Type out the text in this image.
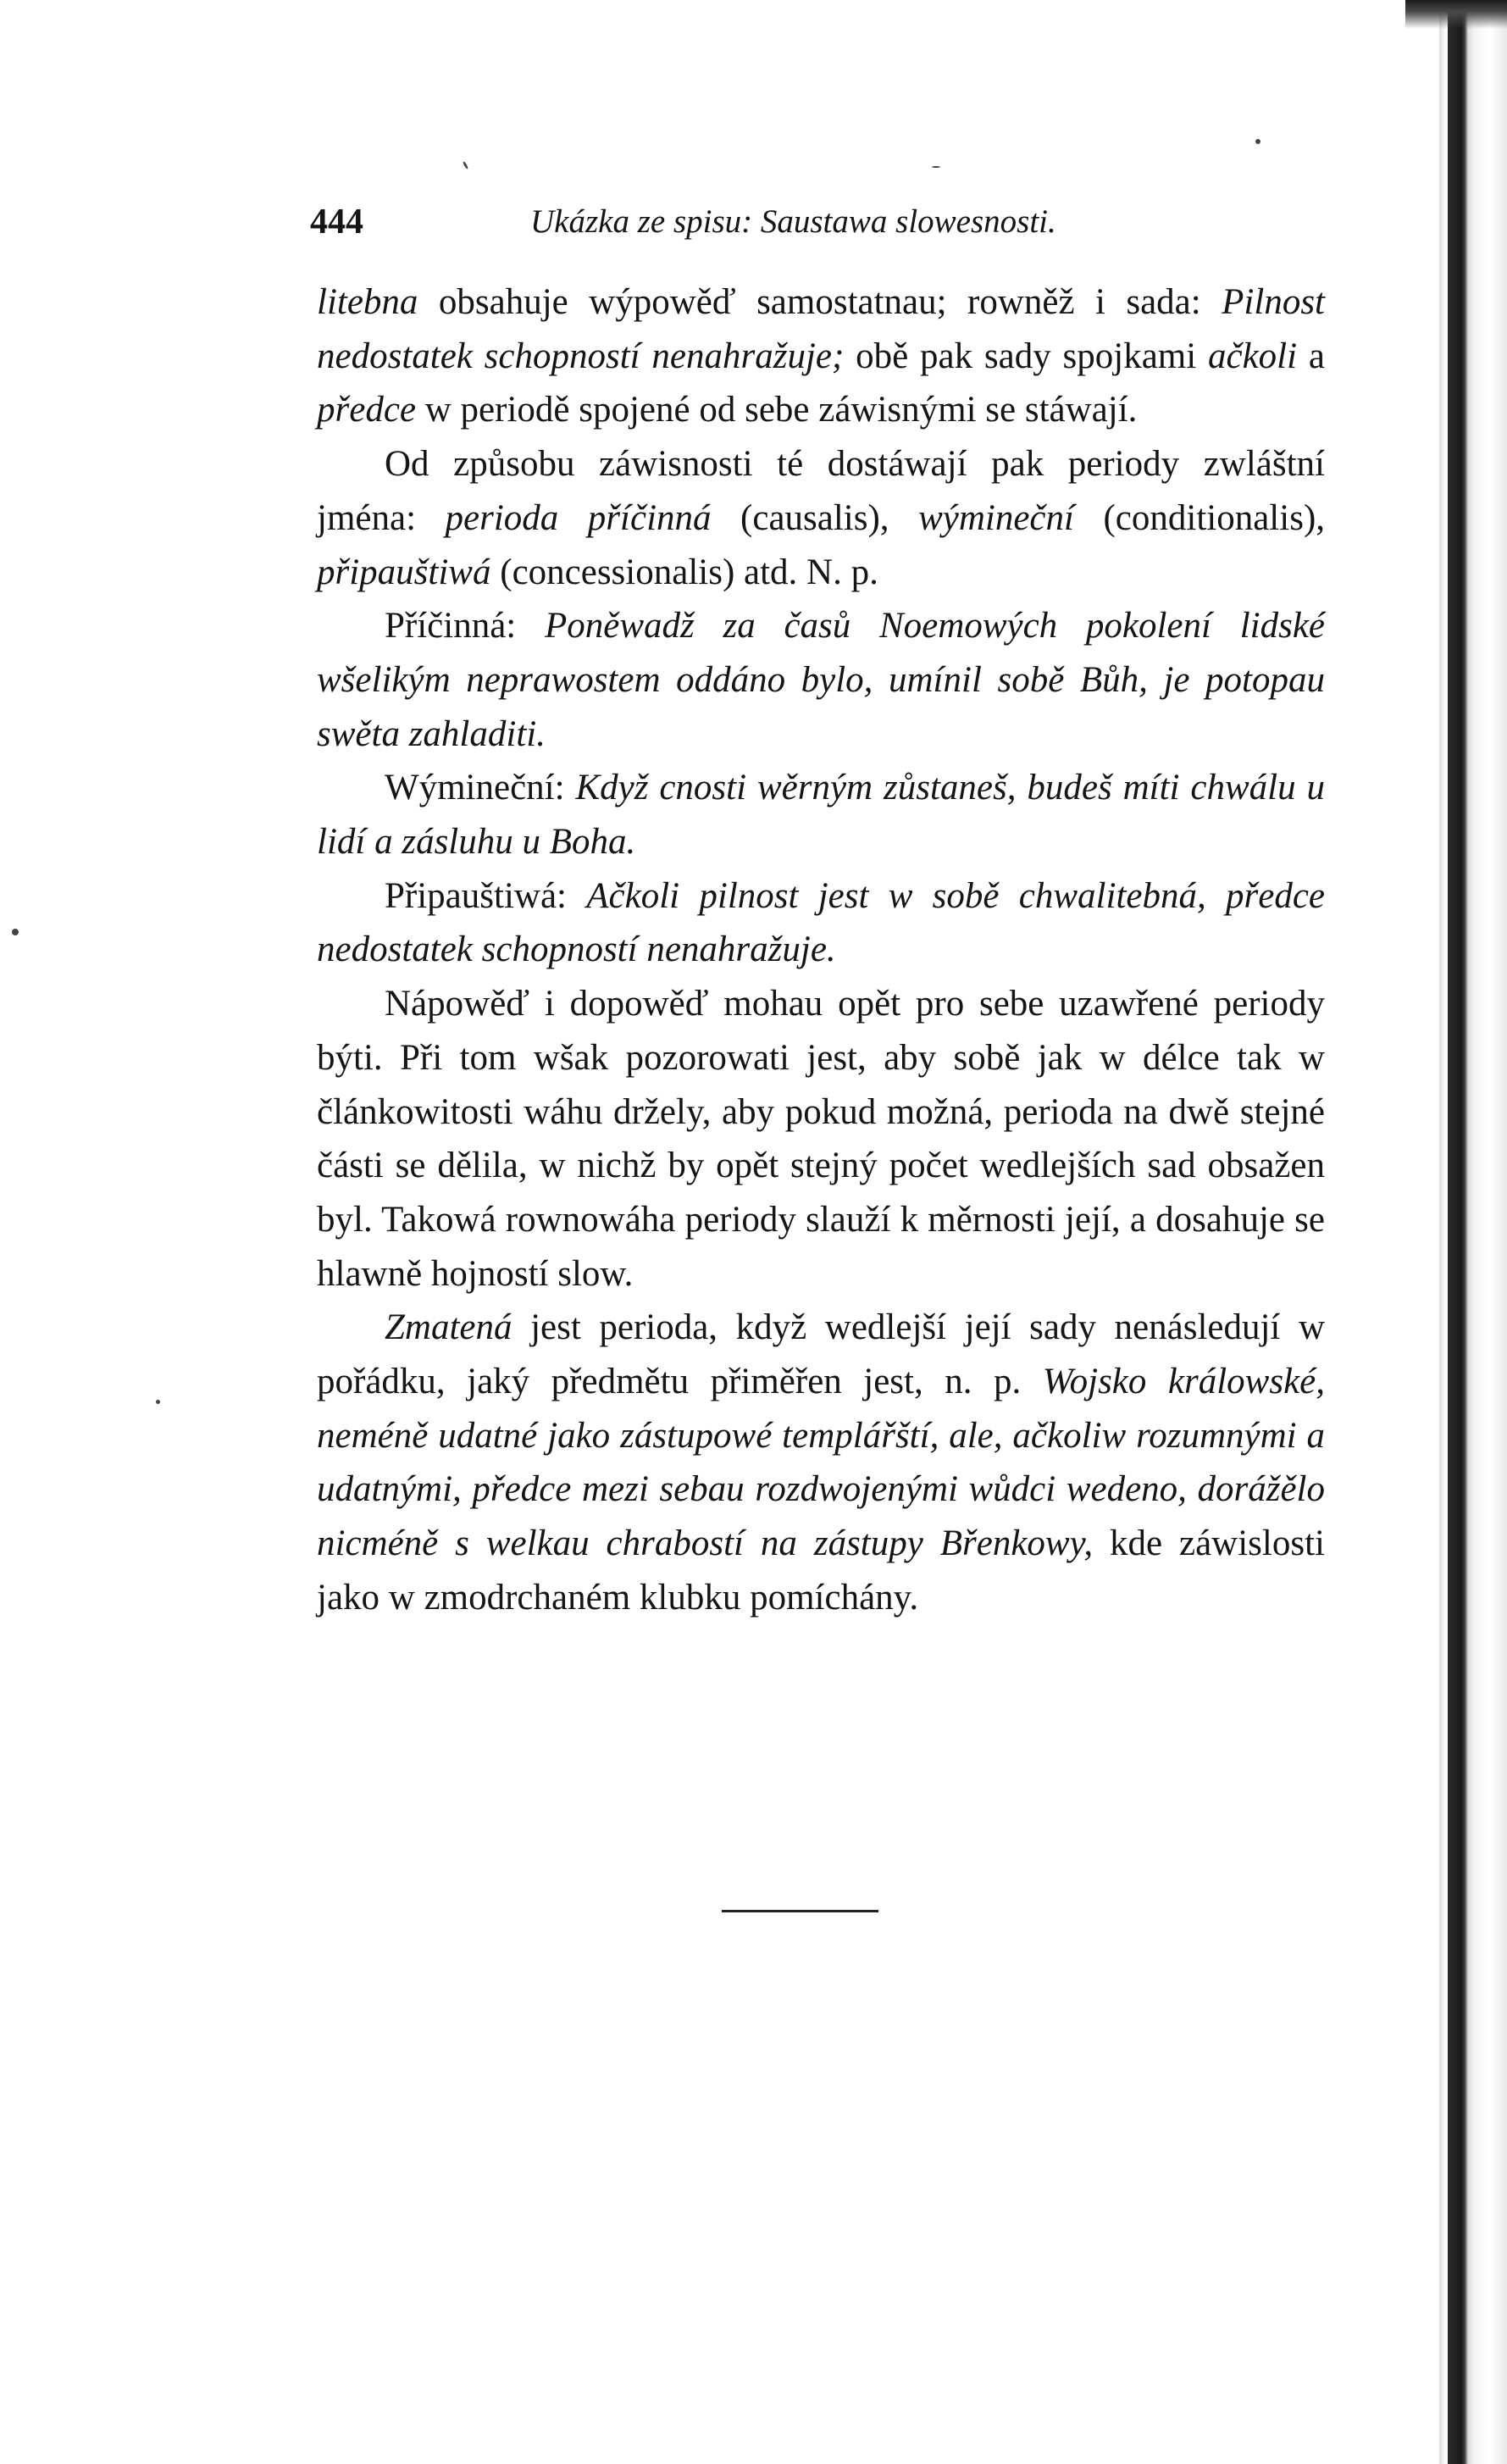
444	Ukázka ze spisu: Saustawa slowesnosti.

litebna obsahuje wýpowěď samostatnau; rowněž i sada: Pilnost nedostatek schopností nenahražuje; obě pak sady spojkami ačkoli a předce w periodě spojené od sebe záwisnými se stáwají.

Od způsobu záwisnosti té dostáwají pak periody zwláštní jména: perioda příčinná (causalis), wýmineční (conditionalis), připauštiwá (concessionalis) atd. N. p.

Příčinná: Poněwadž za časů Noemowých pokolení lidské wšelikým neprawostem oddáno bylo, umínil sobě Bůh, je potopau swěta zahladiti.

Wýmineční: Když cnosti wěrným zůstaneš, budeš míti chwálu u lidí a zásluhu u Boha.

Připauštiwá: Ačkoli pilnost jest w sobě chwalitebná, předce nedostatek schopností nenahražuje.

Nápowěď i dopowěď mohau opět pro sebe uzawřené periody býti. Při tom wšak pozorowati jest, aby sobě jak w délce tak w článkowitosti wáhu držely, aby pokud možná, perioda na dwě stejné části se dělila, w nichž by opět stejný počet wedlejších sad obsažen byl. Takowá rownowáha periody slauží k měrnosti její, a dosahuje se hlawně hojností slow.

Zmatená jest perioda, když wedlejší její sady nenásledují w pořádku, jaký předmětu přiměřen jest, n. p. Wojsko králowské, neméně udatné jako zástupowé templářští, ale, ačkoliw rozumnými a udatnými, předce mezi sebau rozdwojenými wůdci wedeno, dorážělo nicméně s welkau chrabostí na zástupy Břenkowy, kde záwislosti jako w zmodrchaném klubku pomíchány.
